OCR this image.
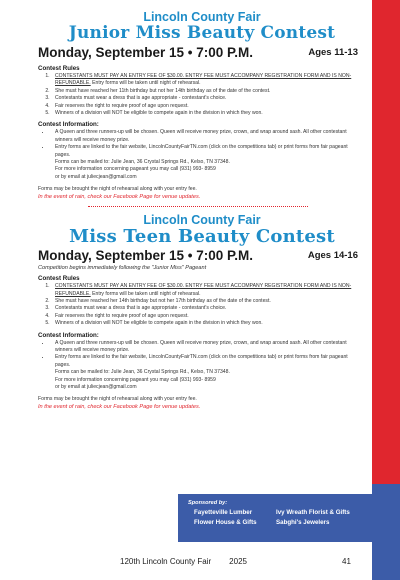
Lincoln County Fair
Junior Miss Beauty Contest
Monday, September 15 • 7:00 P.M.	Ages 11-13
Contest Rules
1. CONTESTANTS MUST PAY AN ENTRY FEE OF $30.00. ENTRY FEE MUST ACCOMPANY REGISTRATION FORM AND IS NON-REFUNDABLE. Entry forms will be taken until night of rehearsal.
2. She must have reached her 11th birthday but not her 14th birthday as of the date of the contest.
3. Contestants must wear a dress that is age appropriate - contestant's choice.
4. Fair reserves the right to require proof of age upon request.
5. Winners of a division will NOT be eligible to compete again in the division in which they won.
Contest Information:
• A Queen and three runners-up will be chosen. Queen will receive money prize, crown, and wrap around sash. All other contestant winners will receive money prize.
• Entry forms are linked to the fair website, LincolnCountyFairTN.com (click on the competitions tab) or print forms from fair pageant pages.
Forms can be mailed to: Julie Jean, 36 Crystal Springs Rd., Kelso, TN 37348.
For more information concerning pageant you may call (931) 993- 8959
or by email at juliecjean@gmail.com
Forms may be brought the night of rehearsal along with your entry fee.
In the event of rain, check our Facebook Page for venue updates.
Lincoln County Fair
Miss Teen Beauty Contest
Monday, September 15 • 7:00 P.M.	Ages 14-16
Competition begins immediately following the "Junior Miss" Pageant
Contest Rules
1. CONTESTANTS MUST PAY AN ENTRY FEE OF $30.00. ENTRY FEE MUST ACCOMPANY REGISTRATION FORM AND IS NON-REFUNDABLE. Entry forms will be taken until night of rehearsal.
2. She must have reached her 14th birthday but not her 17th birthday as of the date of the contest.
3. Contestants must wear a dress that is age appropriate - contestant's choice.
4. Fair reserves the right to require proof of age upon request.
5. Winners of a division will NOT be eligible to compete again in the division in which they won.
Contest Information:
• A Queen and three runners-up will be chosen. Queen will receive money prize, crown, and wrap around sash. All other contestant winners will receive money prize.
• Entry forms are linked to the fair website, LincolnCountyFairTN.com (click on the competitions tab) or print forms from fair pageant pages.
Forms can be mailed to: Julie Jean, 36 Crystal Springs Rd., Kelso, TN 37348.
For more information concerning pageant you may call (931) 993- 8959
or by email at juliecjean@gmail.com
Forms may be brought the night of rehearsal along with your entry fee.
In the event of rain, check our Facebook Page for venue updates.
Sponsored by:
Fayetteville Lumber
Flower House & Gifts
Ivy Wreath Florist & Gifts
Sabghi's Jewelers
120th Lincoln County Fair 2025	41
